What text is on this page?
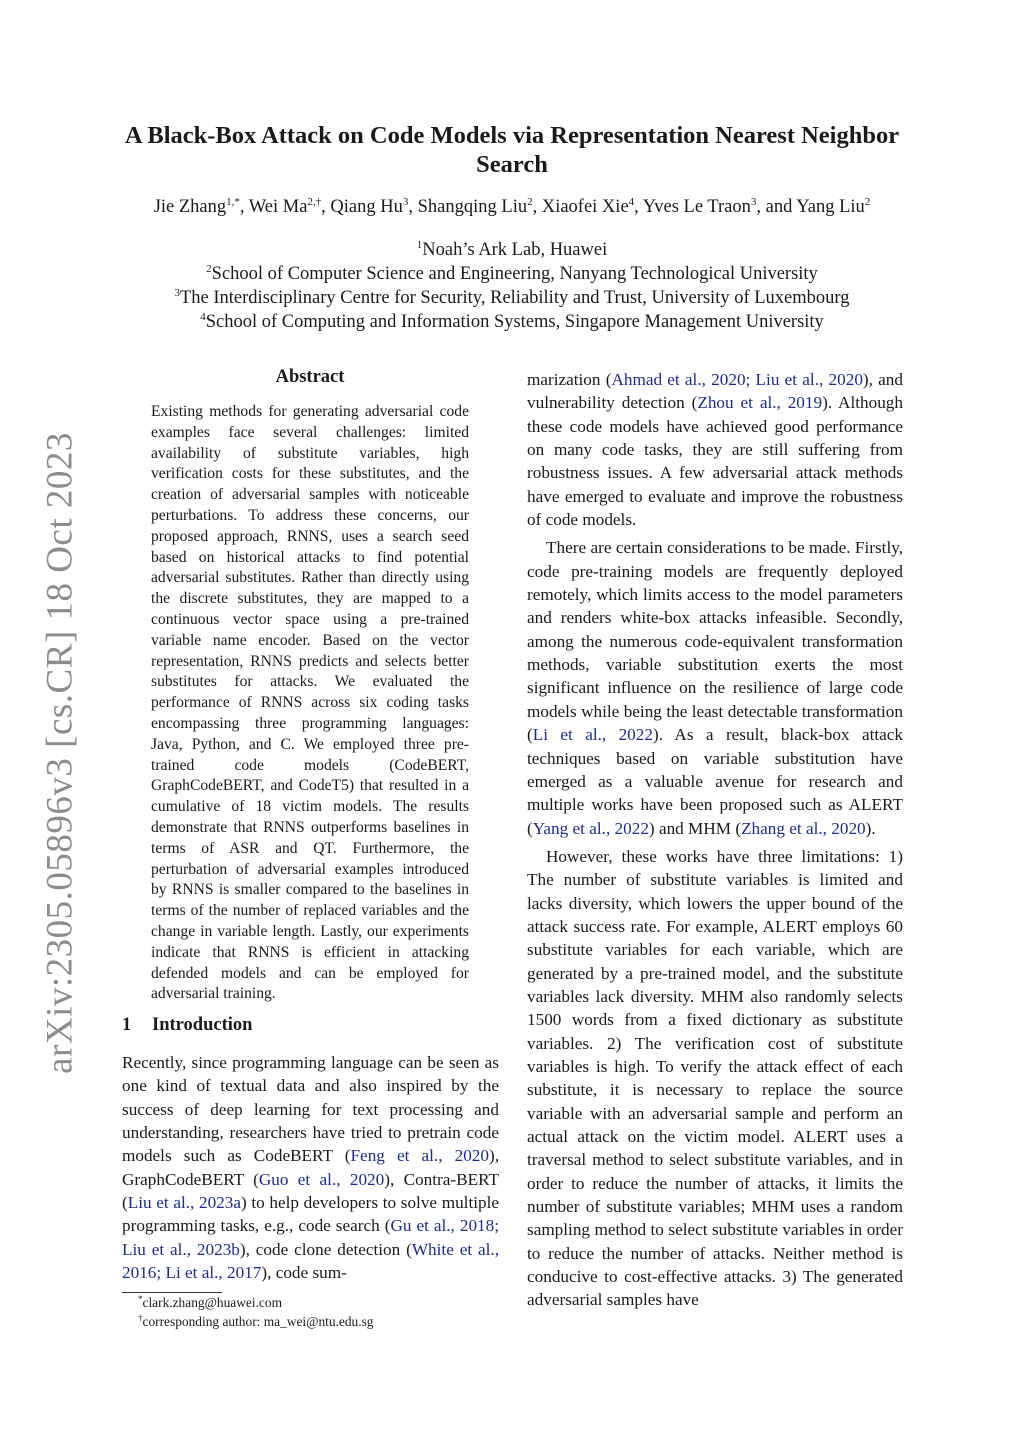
arXiv:2305.05896v3 [cs.CR] 18 Oct 2023
A Black-Box Attack on Code Models via Representation Nearest Neighbor
Search
Jie Zhang$^{1,*}$, Wei $Ma^{2,\dagger}$, Qiang Hu$^3$, Shangqing Liu$^2$, Xiaofei Xie$^4$, Yves Le Traon$^3$, and Yang Liu$^2$
$^1$Noah’s Ark Lab, Huawei
$^2$School of Computer Science and Engineering, Nanyang Technological University
$^3$The Interdisciplinary Centre for Security, Reliability and Trust, University of Luxembourg
$^4$School of Computing and Information Systems, Singapore Management University
Abstract
Existing methods for generating adversarial code examples face several challenges: limited availability of substitute variables, high verification costs for these substitutes, and the creation of adversarial samples with noticeable perturbations. To address these concerns, our proposed approach, RNNS, uses a search seed based on historical attacks to find potential adversarial substitutes. Rather than directly using the discrete substitutes, they are mapped to a continuous vector space using a pre-trained variable name encoder. Based on the vector representation, RNNS predicts and selects better substitutes for attacks. We evaluated the performance of RNNS across six coding tasks encompassing three programming languages: Java, Python, and C. We employed three pre-trained code models (CodeBERT, GraphCodeBERT, and CodeT5) that resulted in a cumulative of 18 victim models. The results demonstrate that RNNS outperforms baselines in terms of ASR and QT. Furthermore, the perturbation of adversarial examples introduced by RNNS is smaller compared to the baselines in terms of the number of replaced variables and the change in variable length. Lastly, our experiments indicate that RNNS is efficient in attacking defended models and can be employed for adversarial training.
1 Introduction

Recently, since programming language can be seen as one kind of textual data and also inspired by the success of deep learning for text processing and understanding, researchers have tried to pretrain code models such as CodeBERT (Feng et al., 2020), GraphCodeBERT (Guo et al., 2020), Contra-BERT (Liu et al., 2023a) to help developers to solve multiple programming tasks, e.g., code search (Gu et al., 2018; Liu et al., 2023b), code clone detection (White et al., 2016; Li et al., 2017), code sum-

marization (Ahmad et al., 2020; Liu et al., 2020), and vulnerability detection (Zhou et al., 2019). Although these code models have achieved good performance on many code tasks, they are still suffering from robustness issues. A few adversarial attack methods have emerged to evaluate and improve the robustness of code models.

There are certain considerations to be made. Firstly, code pre-training models are frequently deployed remotely, which limits access to the model parameters and renders white-box attacks infeasible. Secondly, among the numerous code-equivalent transformation methods, variable substitution exerts the most significant influence on the resilience of large code models while being the least detectable transformation (Li et al., 2022). As a result, black-box attack techniques based on variable substitution have emerged as a valuable avenue for research and multiple works have been proposed such as ALERT (Yang et al., 2022) and MHM (Zhang et al., 2020).

However, these works have three limitations: 1) The number of substitute variables is limited and lacks diversity, which lowers the upper bound of the attack success rate. For example, ALERT employs 60 substitute variables for each variable, which are generated by a pre-trained model, and the substitute variables lack diversity. MHM also randomly selects 1500 words from a fixed dictionary as substitute variables. 2) The verification cost of substitute variables is high. To verify the attack effect of each substitute, it is necessary to replace the source variable with an adversarial sample and perform an actual attack on the victim model. ALERT uses a traversal method to select substitute variables, and in order to reduce the number of attacks, it limits the number of substitute variables; MHM uses a random sampling method to select substitute variables in order to reduce the number of attacks. Neither method is conducive to cost-effective attacks. 3) The generated adversarial samples have

*clark.zhang@huawei.com
†corresponding author: ma_wei@ntu.edu.sg
